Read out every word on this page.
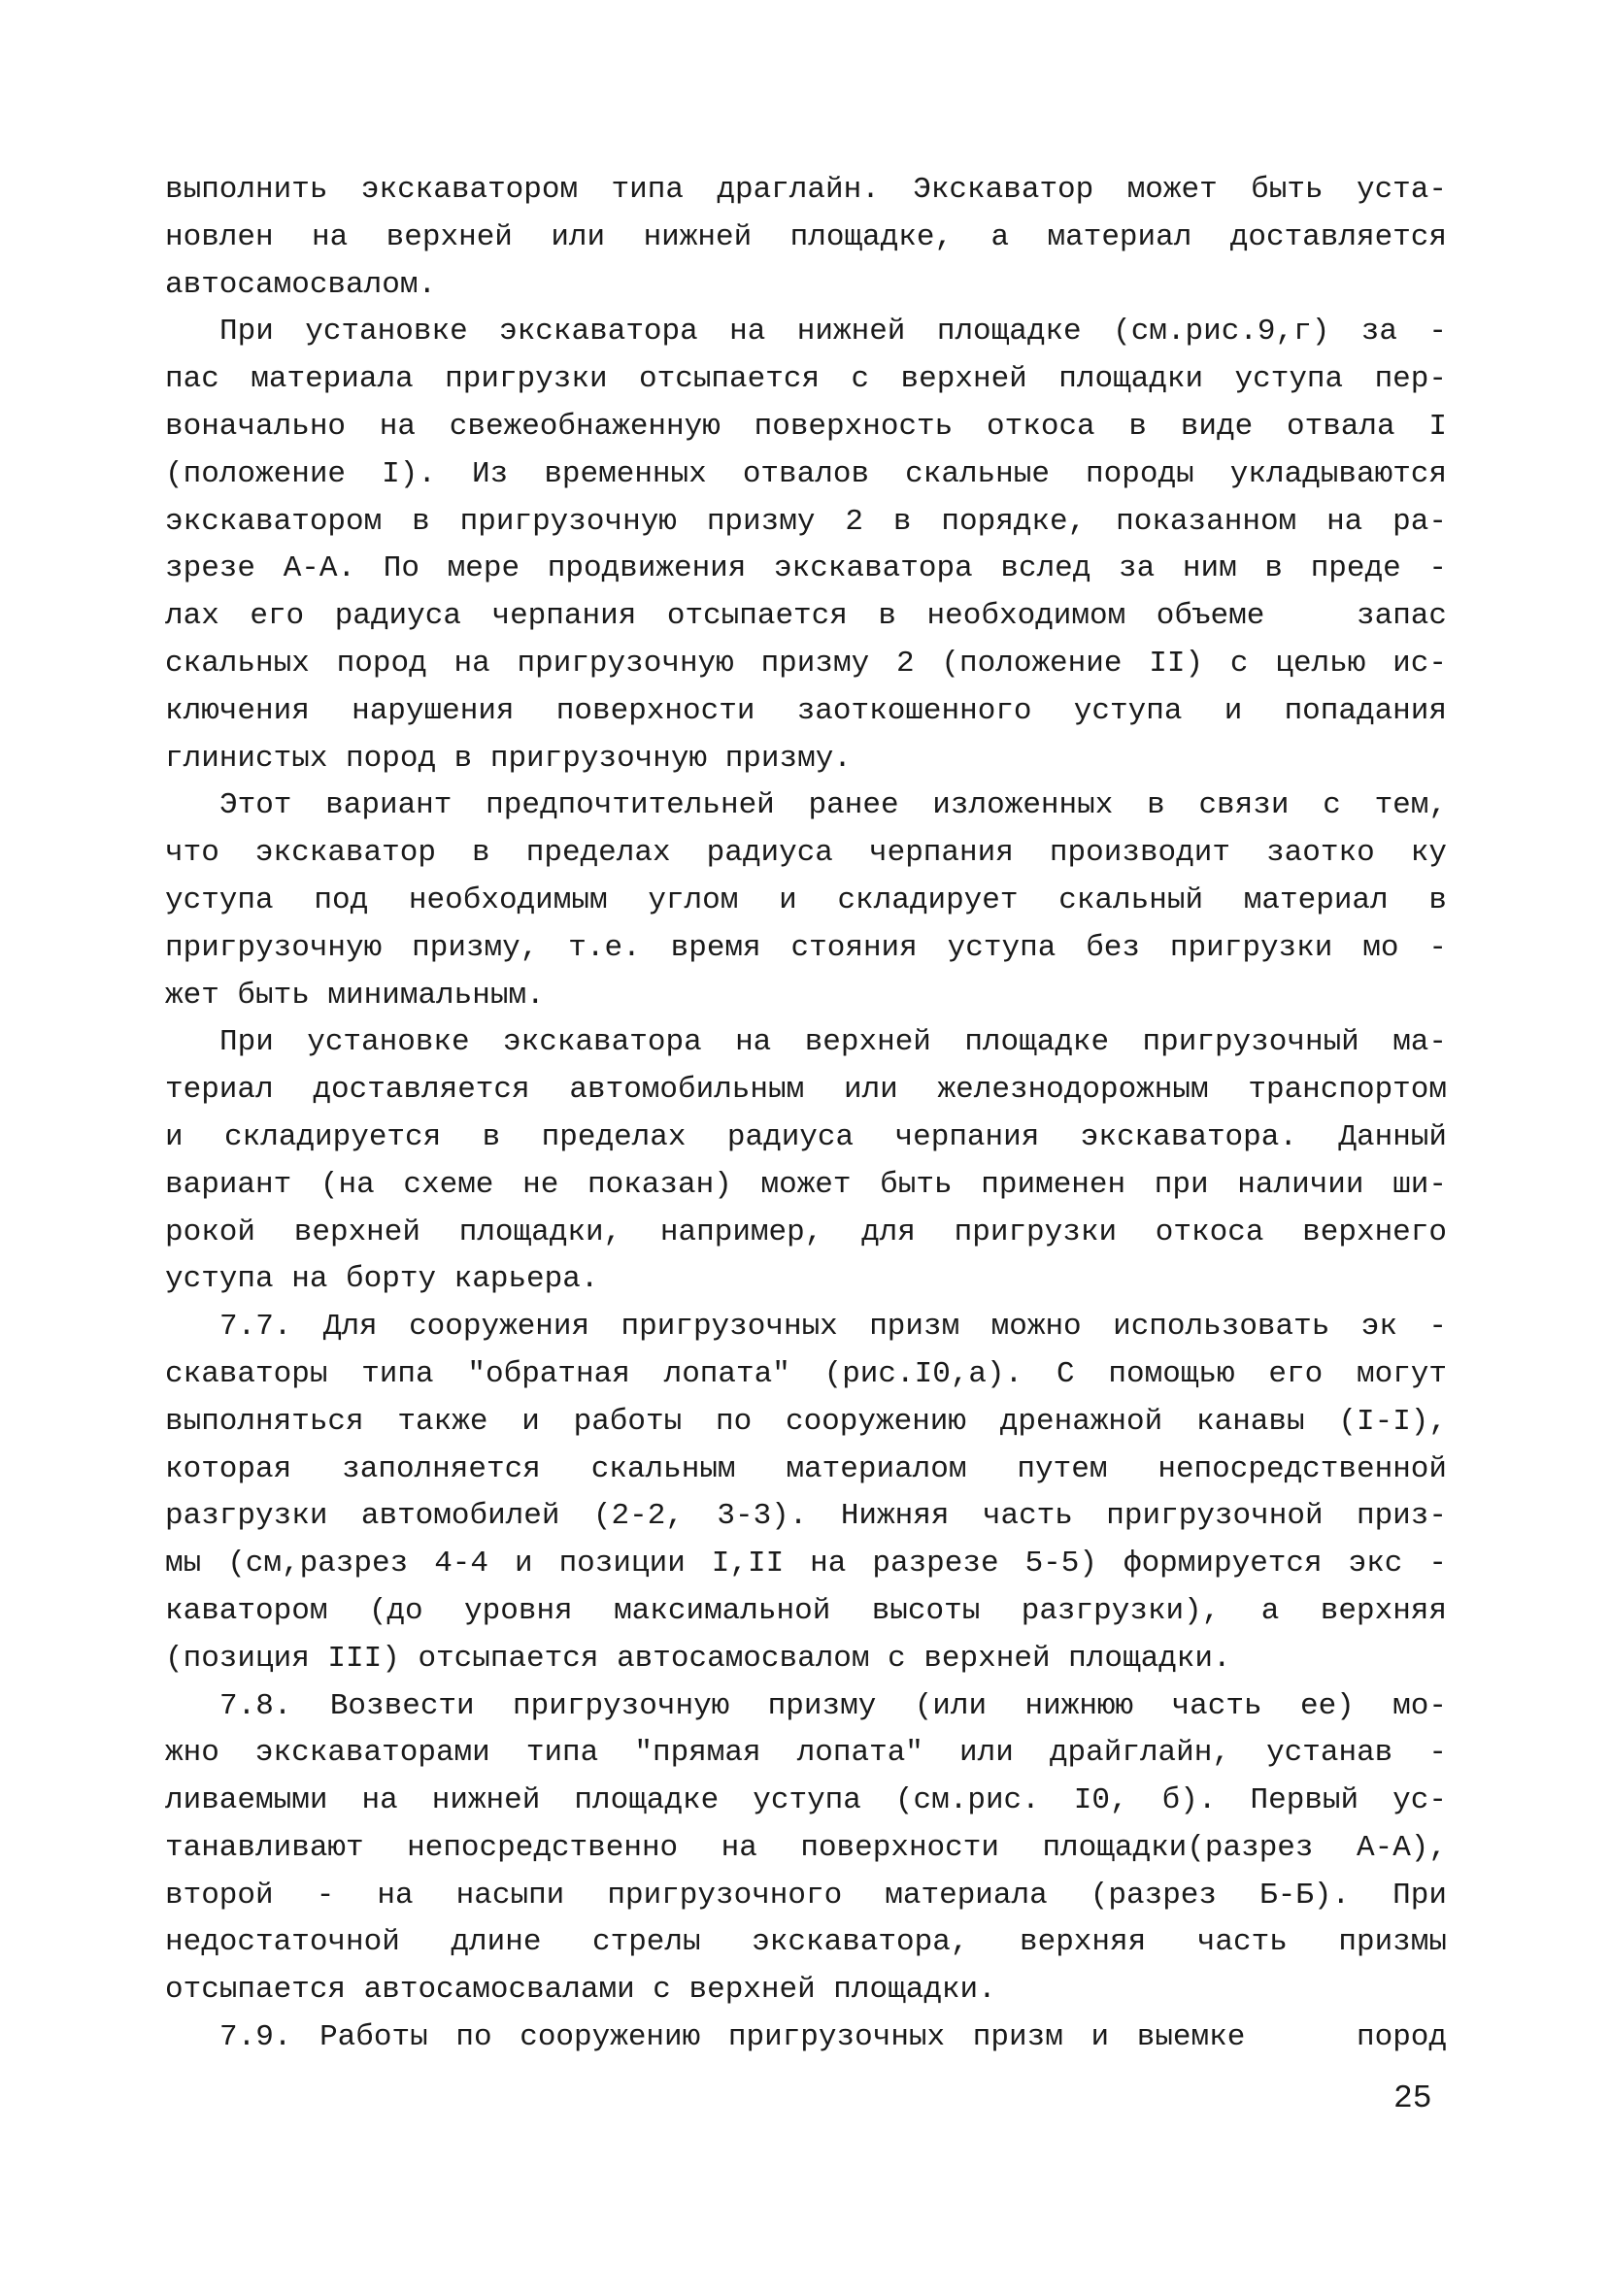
выполнить экскаватором типа драглайн. Экскаватор может быть уста-
новлен на верхней или нижней площадке, а материал доставляется
автосамосвалом.
При установке экскаватора на нижней площадке (см.рис.9,г) за -
пас материала пригрузки отсыпается с верхней площадки уступа пер-
воначально на свежеобнаженную поверхность откоса в виде отвала I
(положение I). Из временных отвалов скальные породы укладываются
экскаватором в пригрузочную призму 2 в порядке, показанном на ра-
зрезе А-А. По мере продвижения экскаватора вслед за ним в преде -
лах его радиуса черпания отсыпается в необходимом объеме   запас
скальных пород на пригрузочную призму 2 (положение II) с целью ис-
ключения нарушения поверхности заоткошенного уступа и попадания
глинистых пород в пригрузочную призму.
Этот вариант предпочтительней ранее изложенных в связи с тем,
что экскаватор в пределах радиуса черпания производит заотко ку
уступа под необходимым углом и складирует скальный материал в
пригрузочную призму, т.е. время стояния уступа без пригрузки мо -
жет быть минимальным.
При установке экскаватора на верхней площадке пригрузочный ма-
териал доставляется автомобильным или железнодорожным транспортом
и складируется в пределах радиуса черпания экскаватора. Данный
вариант (на схеме не показан) может быть применен при наличии ши-
рокой верхней площадки, например, для пригрузки откоса верхнего
уступа на борту карьера.
7.7. Для сооружения пригрузочных призм можно использовать эк -
скаваторы типа "обратная лопата" (рис.I0,а). С помощью его могут
выполняться также и работы по сооружению дренажной канавы (I-I),
которая заполняется скальным материалом путем непосредственной
разгрузки автомобилей (2-2, 3-3). Нижняя часть пригрузочной приз-
мы (см,разрез 4-4 и позиции I,II на разрезе 5-5) формируется экс -
каватором (до уровня максимальной высоты разгрузки), а верхняя
(позиция III) отсыпается автосамосвалом с верхней площадки.
7.8. Возвести пригрузочную призму (или нижнюю часть ее) мо-
жно экскаваторами типа "прямая лопата" или драйглайн, устанав -
ливаемыми на нижней площадке уступа (см.рис. I0, б). Первый ус-
танавливают непосредственно на поверхности площадки(разрез А-А),
второй - на насыпи пригрузочного материала (разрез Б-Б). При
недостаточной длине стрелы экскаватора, верхняя часть призмы
отсыпается автосамосвалами с верхней площадки.
7.9. Работы по сооружению пригрузочных призм и выемке    пород
25
